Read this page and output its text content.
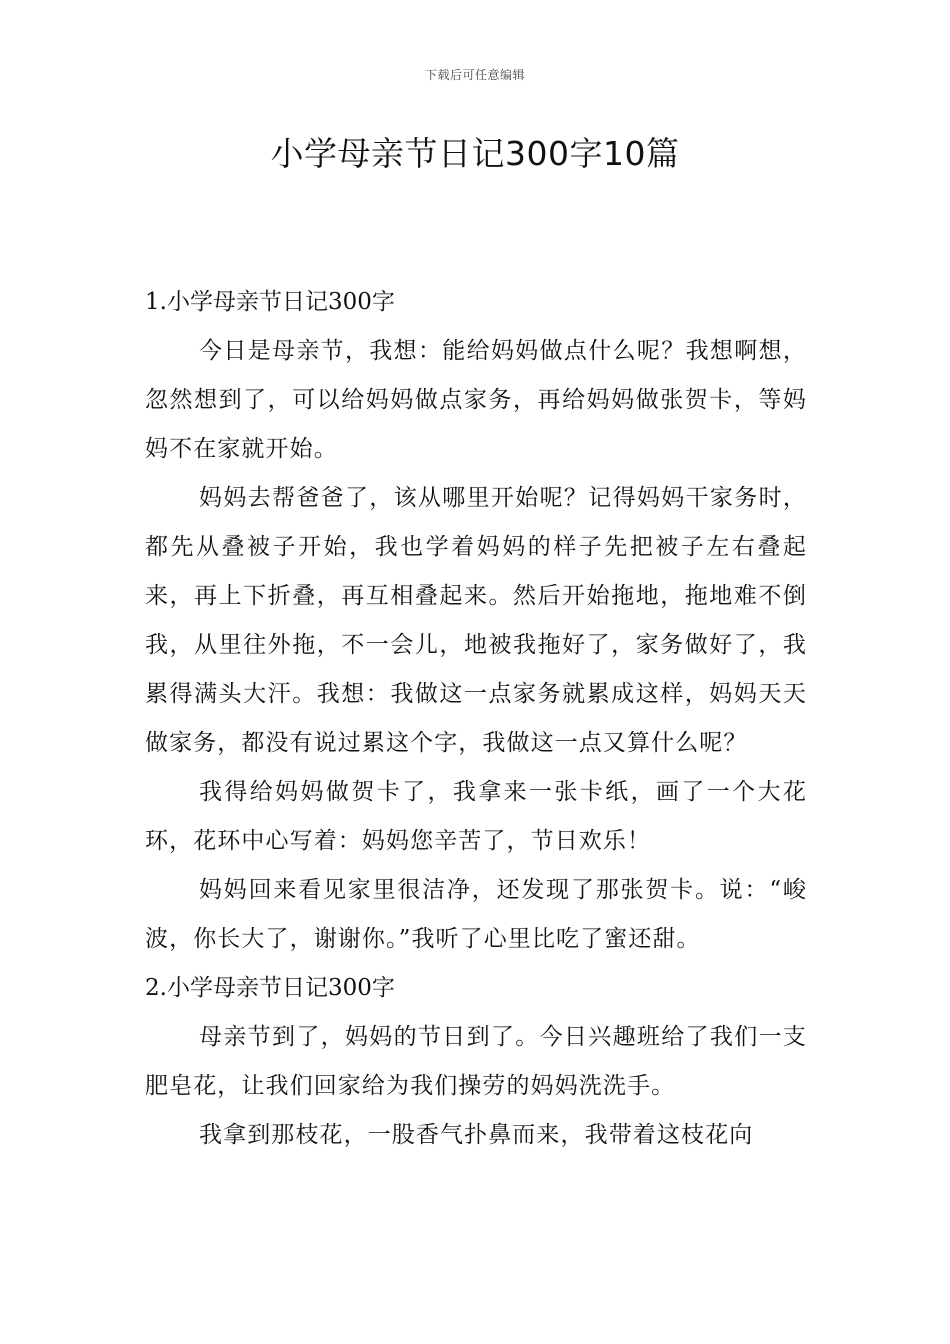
下载后可任意编辑
小学母亲节日记300字10篇

1.小学母亲节日记300字

今日是母亲节，我想：能给妈妈做点什么呢？我想啊想，忽然想到了，可以给妈妈做点家务，再给妈妈做张贺卡，等妈妈不在家就开始。

妈妈去帮爸爸了，该从哪里开始呢？记得妈妈干家务时，都先从叠被子开始，我也学着妈妈的样子先把被子左右叠起来，再上下折叠，再互相叠起来。然后开始拖地，拖地难不倒我，从里往外拖，不一会儿，地被我拖好了，家务做好了，我累得满头大汗。我想：我做这一点家务就累成这样，妈妈天天做家务，都没有说过累这个字，我做这一点又算什么呢？

我得给妈妈做贺卡了，我拿来一张卡纸，画了一个大花环，花环中心写着：妈妈您辛苦了，节日欢乐！

妈妈回来看见家里很洁净，还发现了那张贺卡。说：“峻波，你长大了，谢谢你。”我听了心里比吃了蜜还甜。

2.小学母亲节日记300字

母亲节到了，妈妈的节日到了。今日兴趣班给了我们一支肥皂花，让我们回家给为我们操劳的妈妈洗洗手。

我拿到那枝花，一股香气扑鼻而来，我带着这枝花向
